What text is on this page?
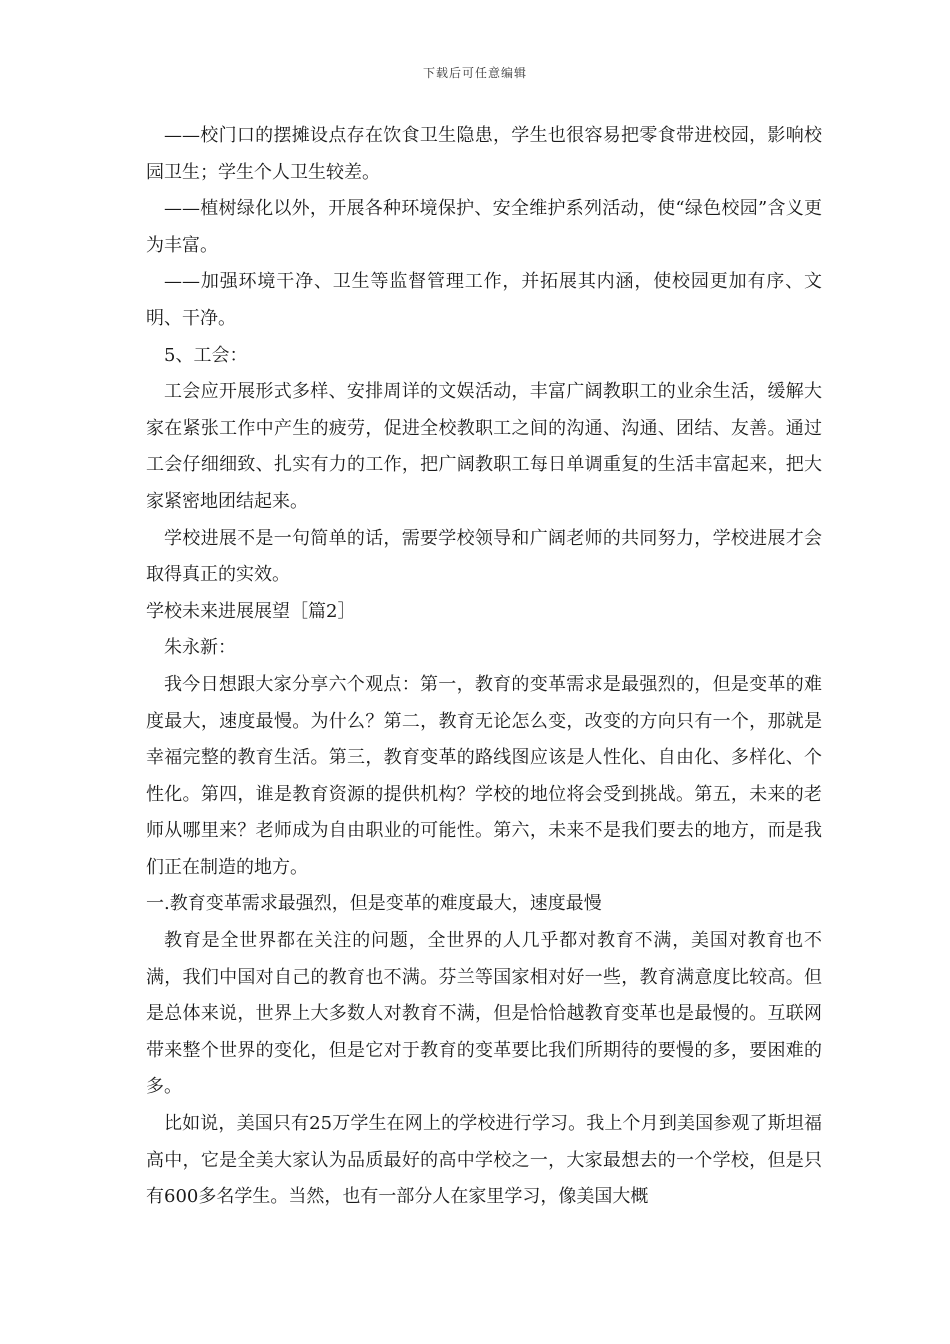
下载后可任意编辑

——校门口的摆摊设点存在饮食卫生隐患，学生也很容易把零食带进校园，影响校园卫生；学生个人卫生较差。

——植树绿化以外，开展各种环境保护、安全维护系列活动，使“绿色校园”含义更为丰富。

——加强环境干净、卫生等监督管理工作，并拓展其内涵，使校园更加有序、文明、干净。

5、工会：

工会应开展形式多样、安排周详的文娱活动，丰富广阔教职工的业余生活，缓解大家在紧张工作中产生的疲劳，促进全校教职工之间的沟通、沟通、团结、友善。通过工会仔细细致、扎实有力的工作，把广阔教职工每日单调重复的生活丰富起来，把大家紧密地团结起来。

学校进展不是一句简单的话，需要学校领导和广阔老师的共同努力，学校进展才会取得真正的实效。

学校未来进展展望［篇2］

朱永新：

我今日想跟大家分享六个观点：第一，教育的变革需求是最强烈的，但是变革的难度最大，速度最慢。为什么？第二，教育无论怎么变，改变的方向只有一个，那就是幸福完整的教育生活。第三，教育变革的路线图应该是人性化、自由化、多样化、个性化。第四，谁是教育资源的提供机构？学校的地位将会受到挑战。第五，未来的老师从哪里来？老师成为自由职业的可能性。第六，未来不是我们要去的地方，而是我们正在制造的地方。

一.教育变革需求最强烈，但是变革的难度最大，速度最慢

教育是全世界都在关注的问题，全世界的人几乎都对教育不满，美国对教育也不满，我们中国对自己的教育也不满。芬兰等国家相对好一些，教育满意度比较高。但是总体来说，世界上大多数人对教育不满，但是恰恰越教育变革也是最慢的。互联网带来整个世界的变化，但是它对于教育的变革要比我们所期待的要慢的多，要困难的多。

比如说，美国只有25万学生在网上的学校进行学习。我上个月到美国参观了斯坦福高中，它是全美大家认为品质最好的高中学校之一，大家最想去的一个学校，但是只有600多名学生。当然，也有一部分人在家里学习，像美国大概
